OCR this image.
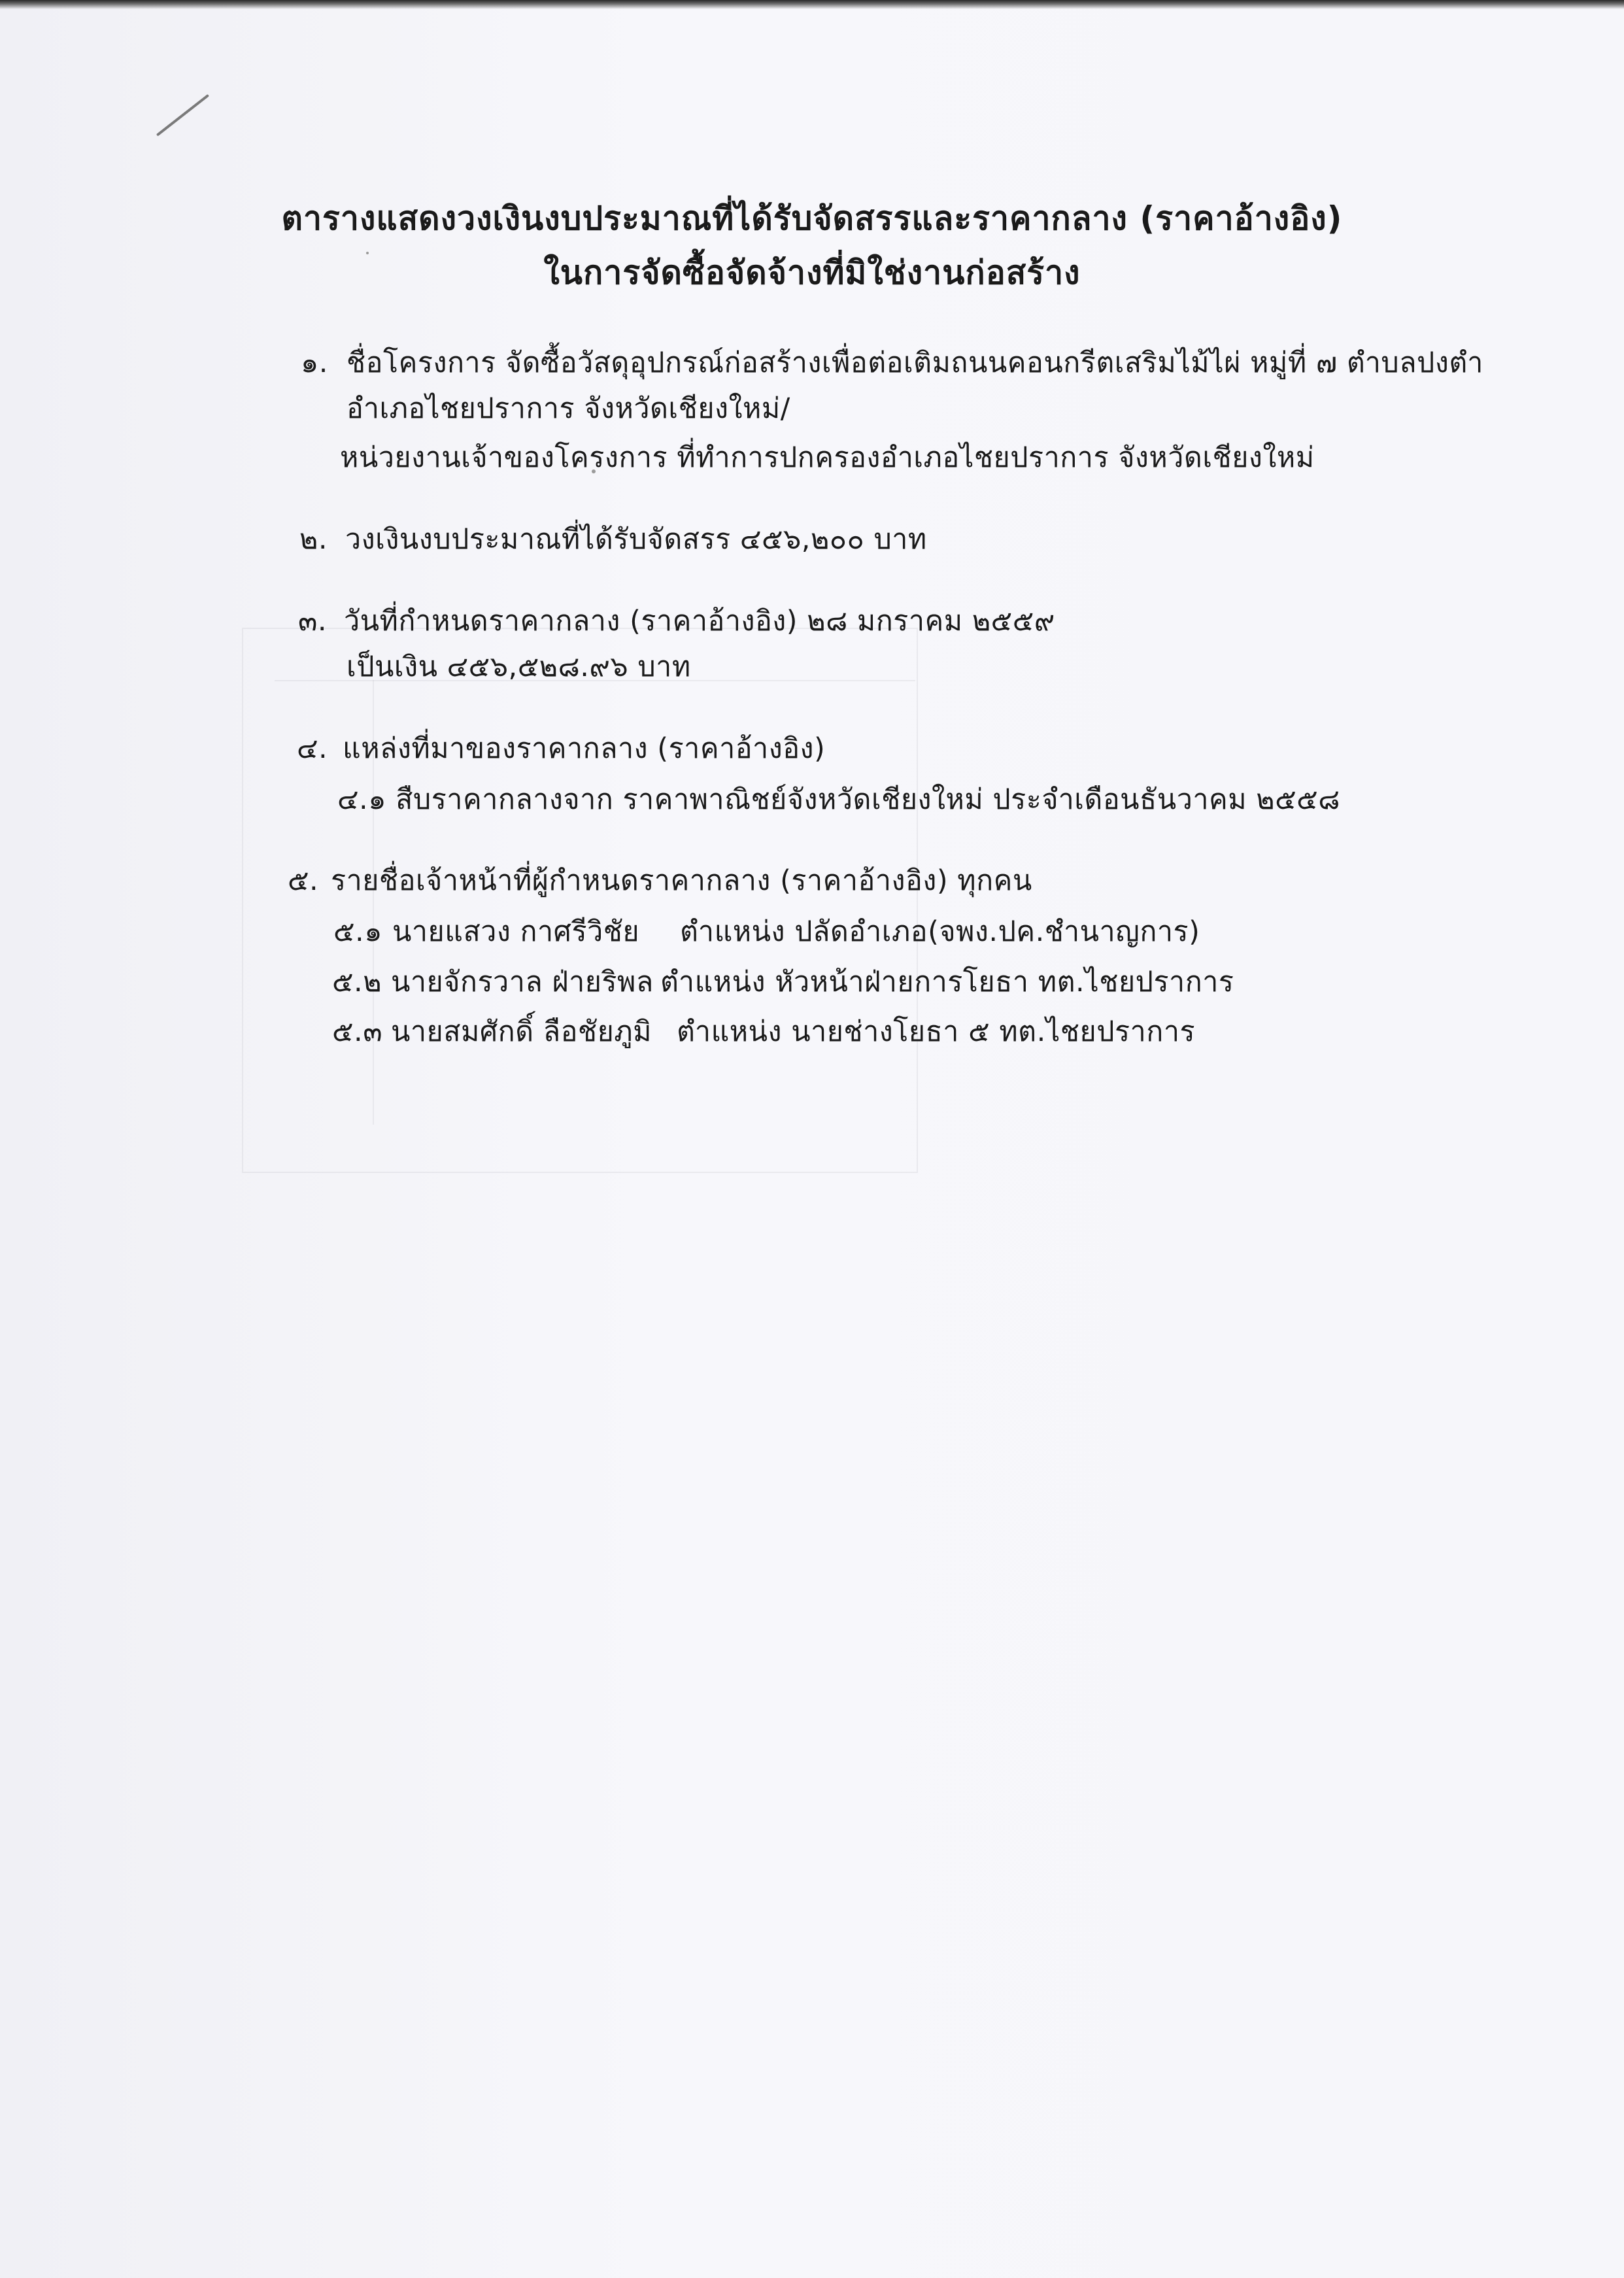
ตารางแสดงวงเงินงบประมาณที่ได้รับจัดสรรและราคากลาง (ราคาอ้างอิง)
ในการจัดซื้อจัดจ้างที่มิใช่งานก่อสร้าง
๑. ชื่อโครงการ จัดซื้อวัสดุอุปกรณ์ก่อสร้างเพื่อต่อเติมถนนคอนกรีตเสริมไม้ไผ่ หมู่ที่ ๗ ตำบลปงตำ
อำเภอไชยปราการ จังหวัดเชียงใหม่/
หน่วยงานเจ้าของโครงการ ที่ทำการปกครองอำเภอไชยปราการ จังหวัดเชียงใหม่
๒. วงเงินงบประมาณที่ได้รับจัดสรร ๔๕๖,๒๐๐ บาท
๓. วันที่กำหนดราคากลาง (ราคาอ้างอิง) ๒๘ มกราคม ๒๕๕๙
เป็นเงิน ๔๕๖,๕๒๘.๙๖ บาท
๔. แหล่งที่มาของราคากลาง (ราคาอ้างอิง)
๔.๑ สืบราคากลางจาก ราคาพาณิชย์จังหวัดเชียงใหม่ ประจำเดือนธันวาคม ๒๕๕๘
๕. รายชื่อเจ้าหน้าที่ผู้กำหนดราคากลาง (ราคาอ้างอิง) ทุกคน
๕.๑ นายแสวง กาศรีวิชัย ตำแหน่ง ปลัดอำเภอ(จพง.ปค.ชำนาญการ)
๕.๒ นายจักรวาล ฝ่ายริพล ตำแหน่ง หัวหน้าฝ่ายการโยธา ทต.ไชยปราการ
๕.๓ นายสมศักดิ์ ลือชัยภูมิ ตำแหน่ง นายช่างโยธา ๕ ทต.ไชยปราการ
